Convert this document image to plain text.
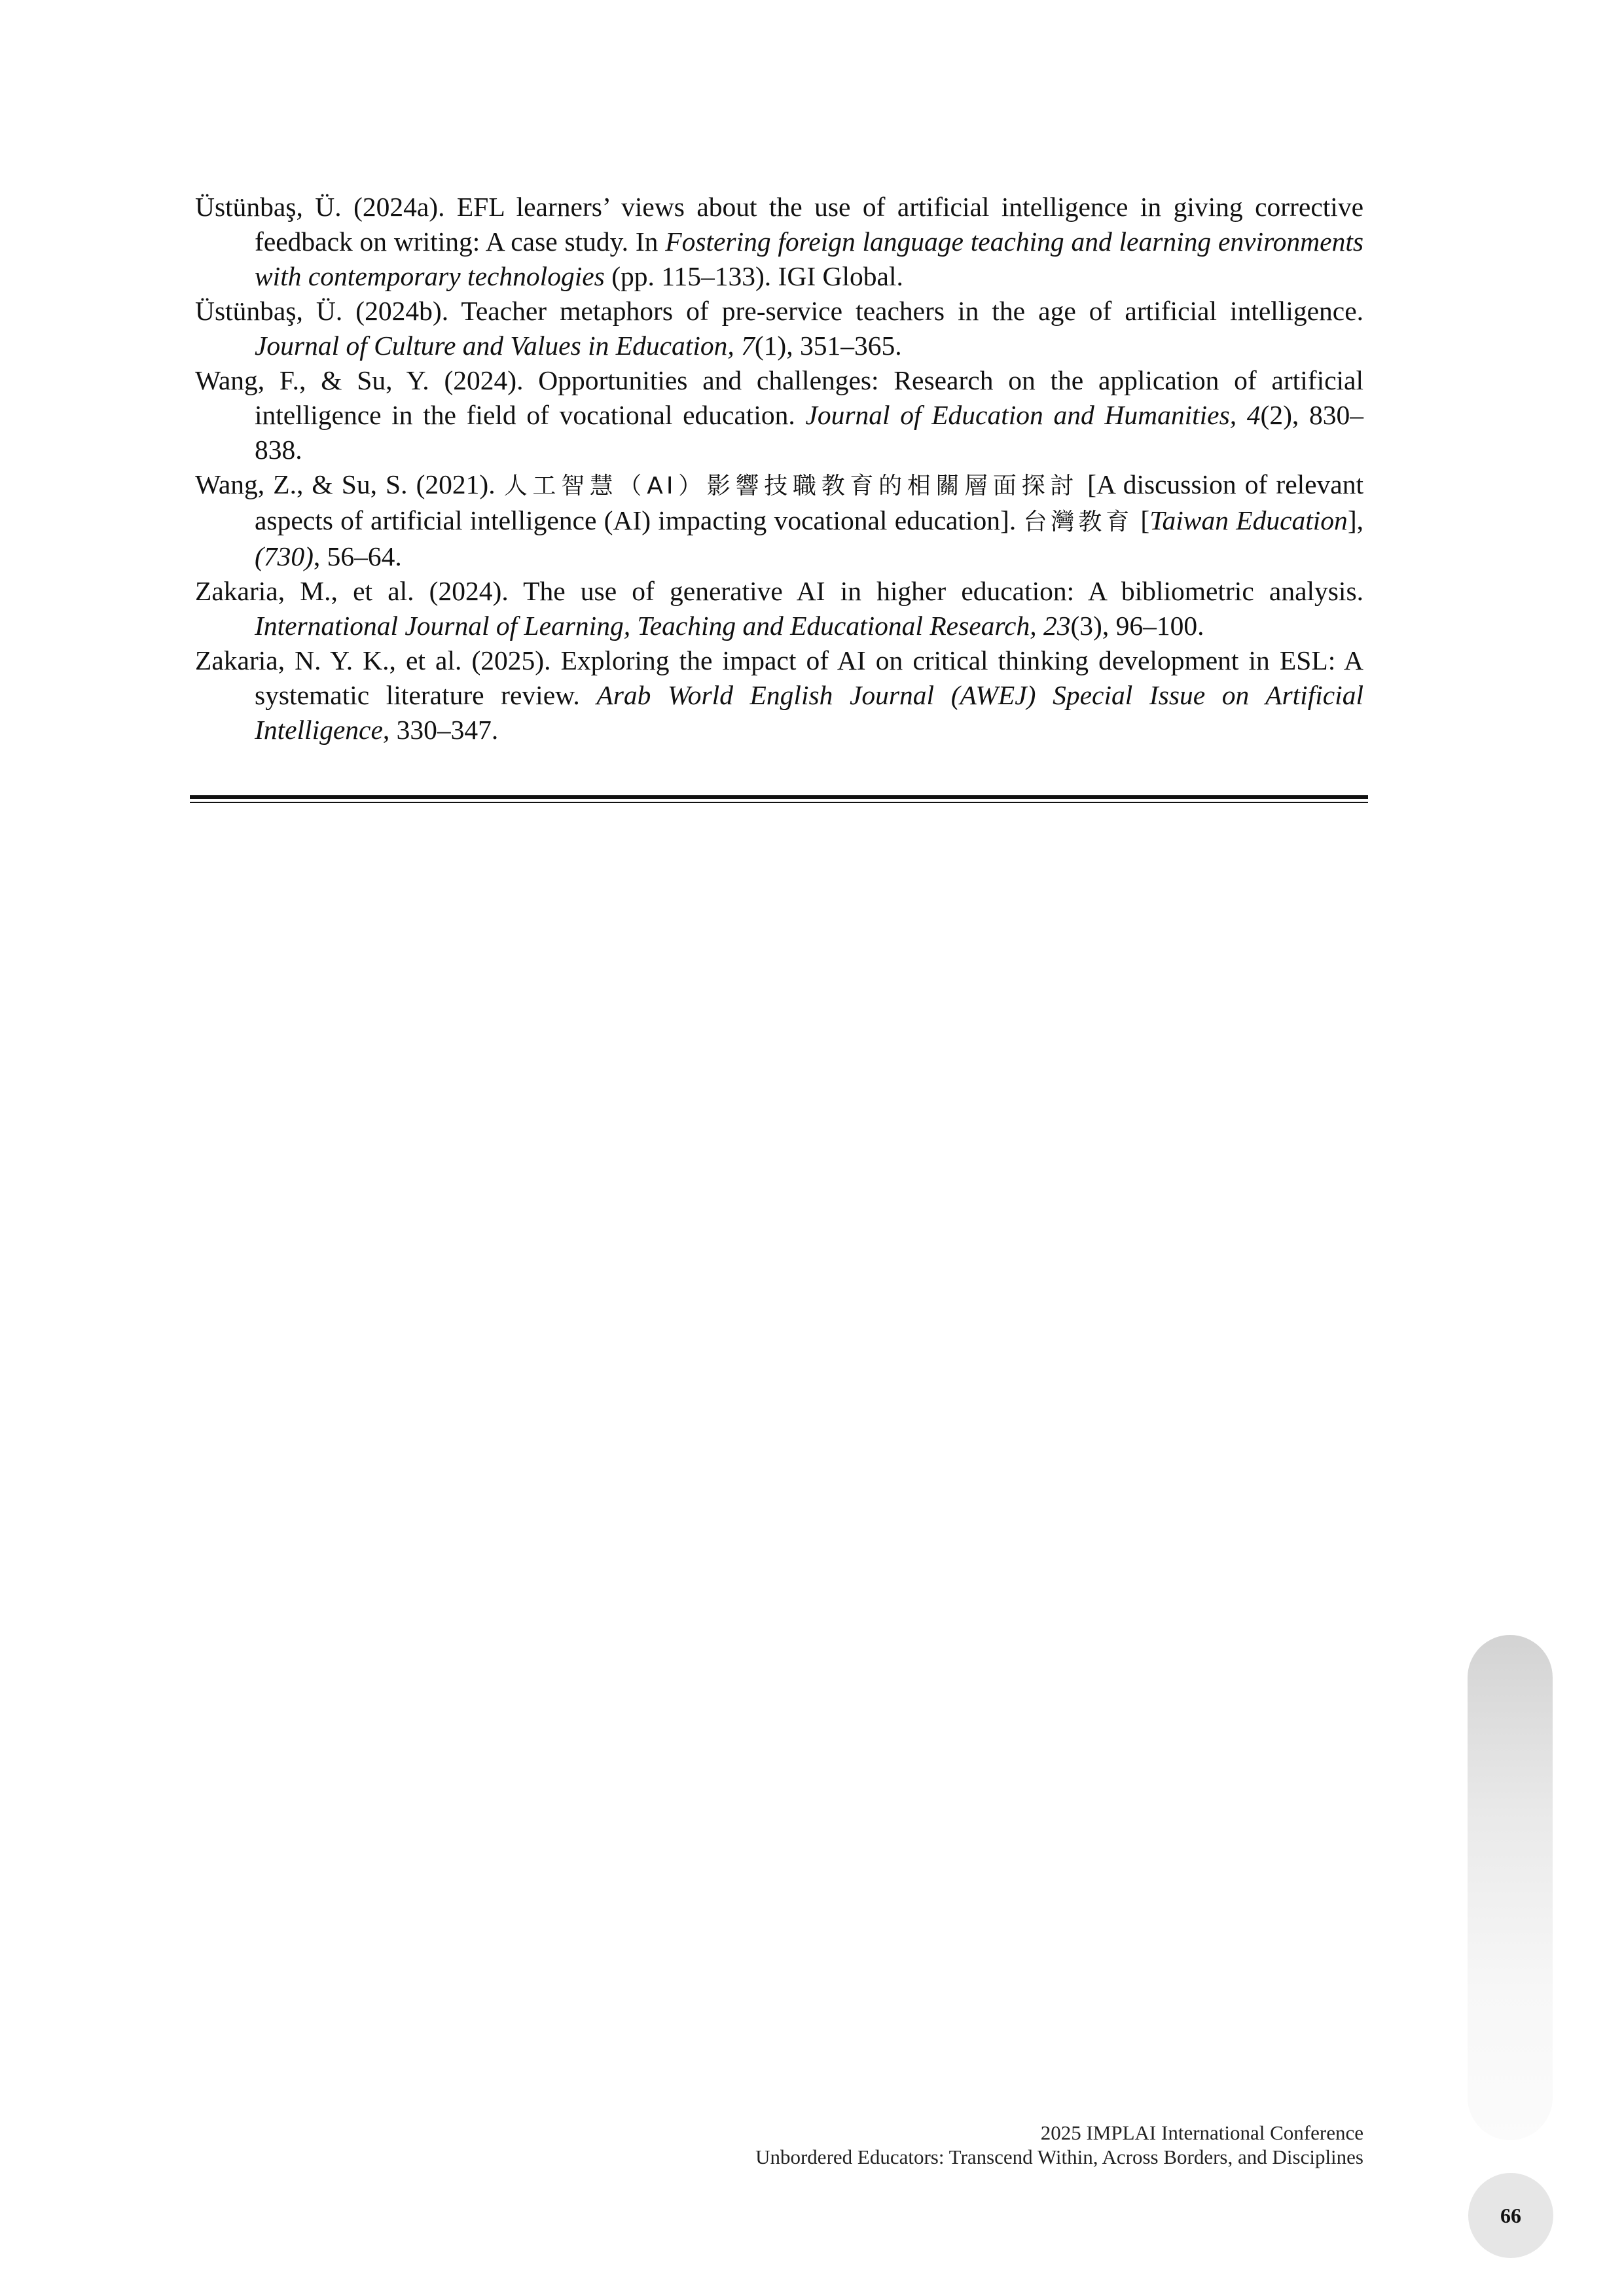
Üstünbaş, Ü. (2024a). EFL learners’ views about the use of artificial intelligence in giving corrective feedback on writing: A case study. In Fostering foreign language teaching and learning environments with contemporary technologies (pp. 115–133). IGI Global.

Üstünbaş, Ü. (2024b). Teacher metaphors of pre-service teachers in the age of artificial intelligence. Journal of Culture and Values in Education, 7(1), 351–365.

Wang, F., & Su, Y. (2024). Opportunities and challenges: Research on the application of artificial intelligence in the field of vocational education. Journal of Education and Humanities, 4(2), 830–838.

Wang, Z., & Su, S. (2021). 人工智慧（AI）影響技職教育的相關層面探討 [A discussion of relevant aspects of artificial intelligence (AI) impacting vocational education]. 台灣教育 [Taiwan Education], (730), 56–64.

Zakaria, M., et al. (2024). The use of generative AI in higher education: A bibliometric analysis. International Journal of Learning, Teaching and Educational Research, 23(3), 96–100.

Zakaria, N. Y. K., et al. (2025). Exploring the impact of AI on critical thinking development in ESL: A systematic literature review. Arab World English Journal (AWEJ) Special Issue on Artificial Intelligence, 330–347.

2025 IMPLAI International Conference
Unbordered Educators: Transcend Within, Across Borders, and Disciplines
66
